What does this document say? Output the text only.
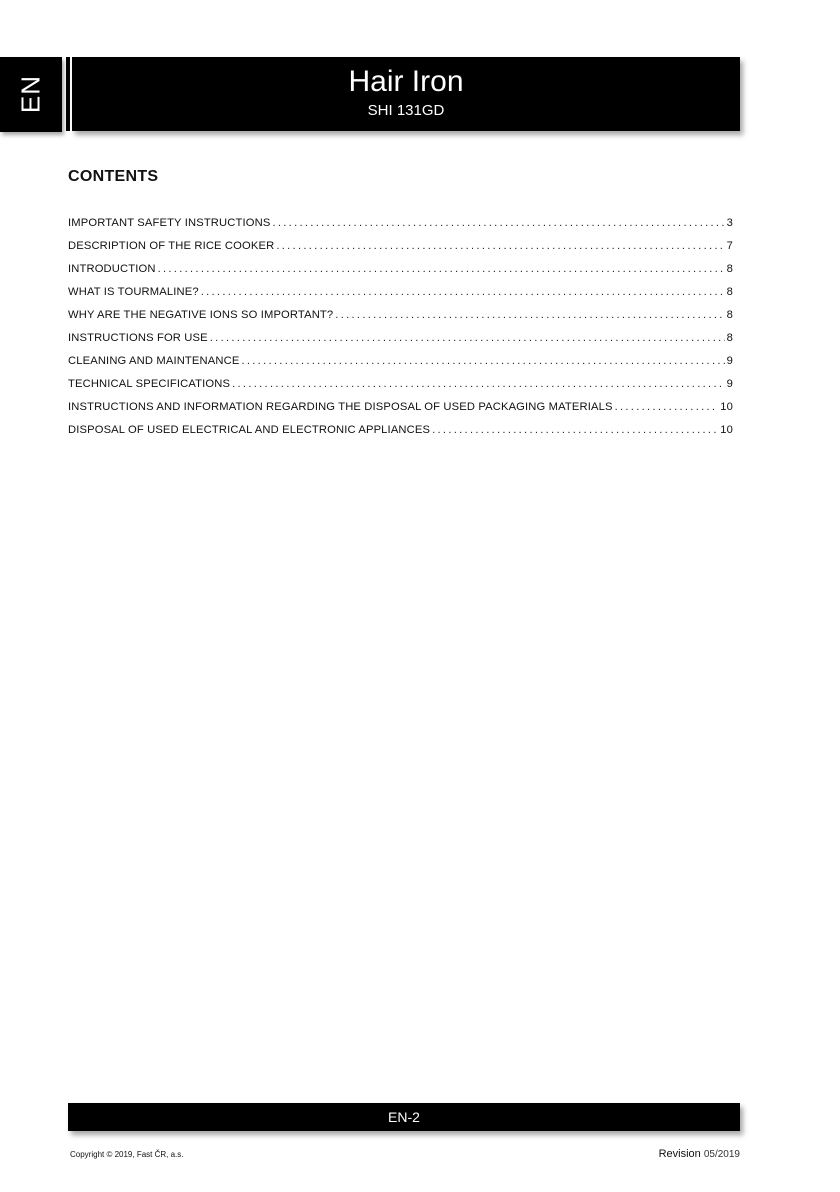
EN	Hair Iron
SHI 131GD
CONTENTS
IMPORTANT SAFETY INSTRUCTIONS .....	3
DESCRIPTION OF THE RICE COOKER .....	7
INTRODUCTION .....	8
WHAT IS TOURMALINE? .....	8
WHY ARE THE NEGATIVE IONS SO IMPORTANT? .....	8
INSTRUCTIONS FOR USE .....	8
CLEANING AND MAINTENANCE .....	9
TECHNICAL SPECIFICATIONS .....	9
INSTRUCTIONS AND INFORMATION REGARDING THE DISPOSAL OF USED PACKAGING MATERIALS .....	10
DISPOSAL OF USED ELECTRICAL AND ELECTRONIC APPLIANCES .....	10
EN-2
Copyright © 2019, Fast ČR, a.s.	Revision 05/2019
